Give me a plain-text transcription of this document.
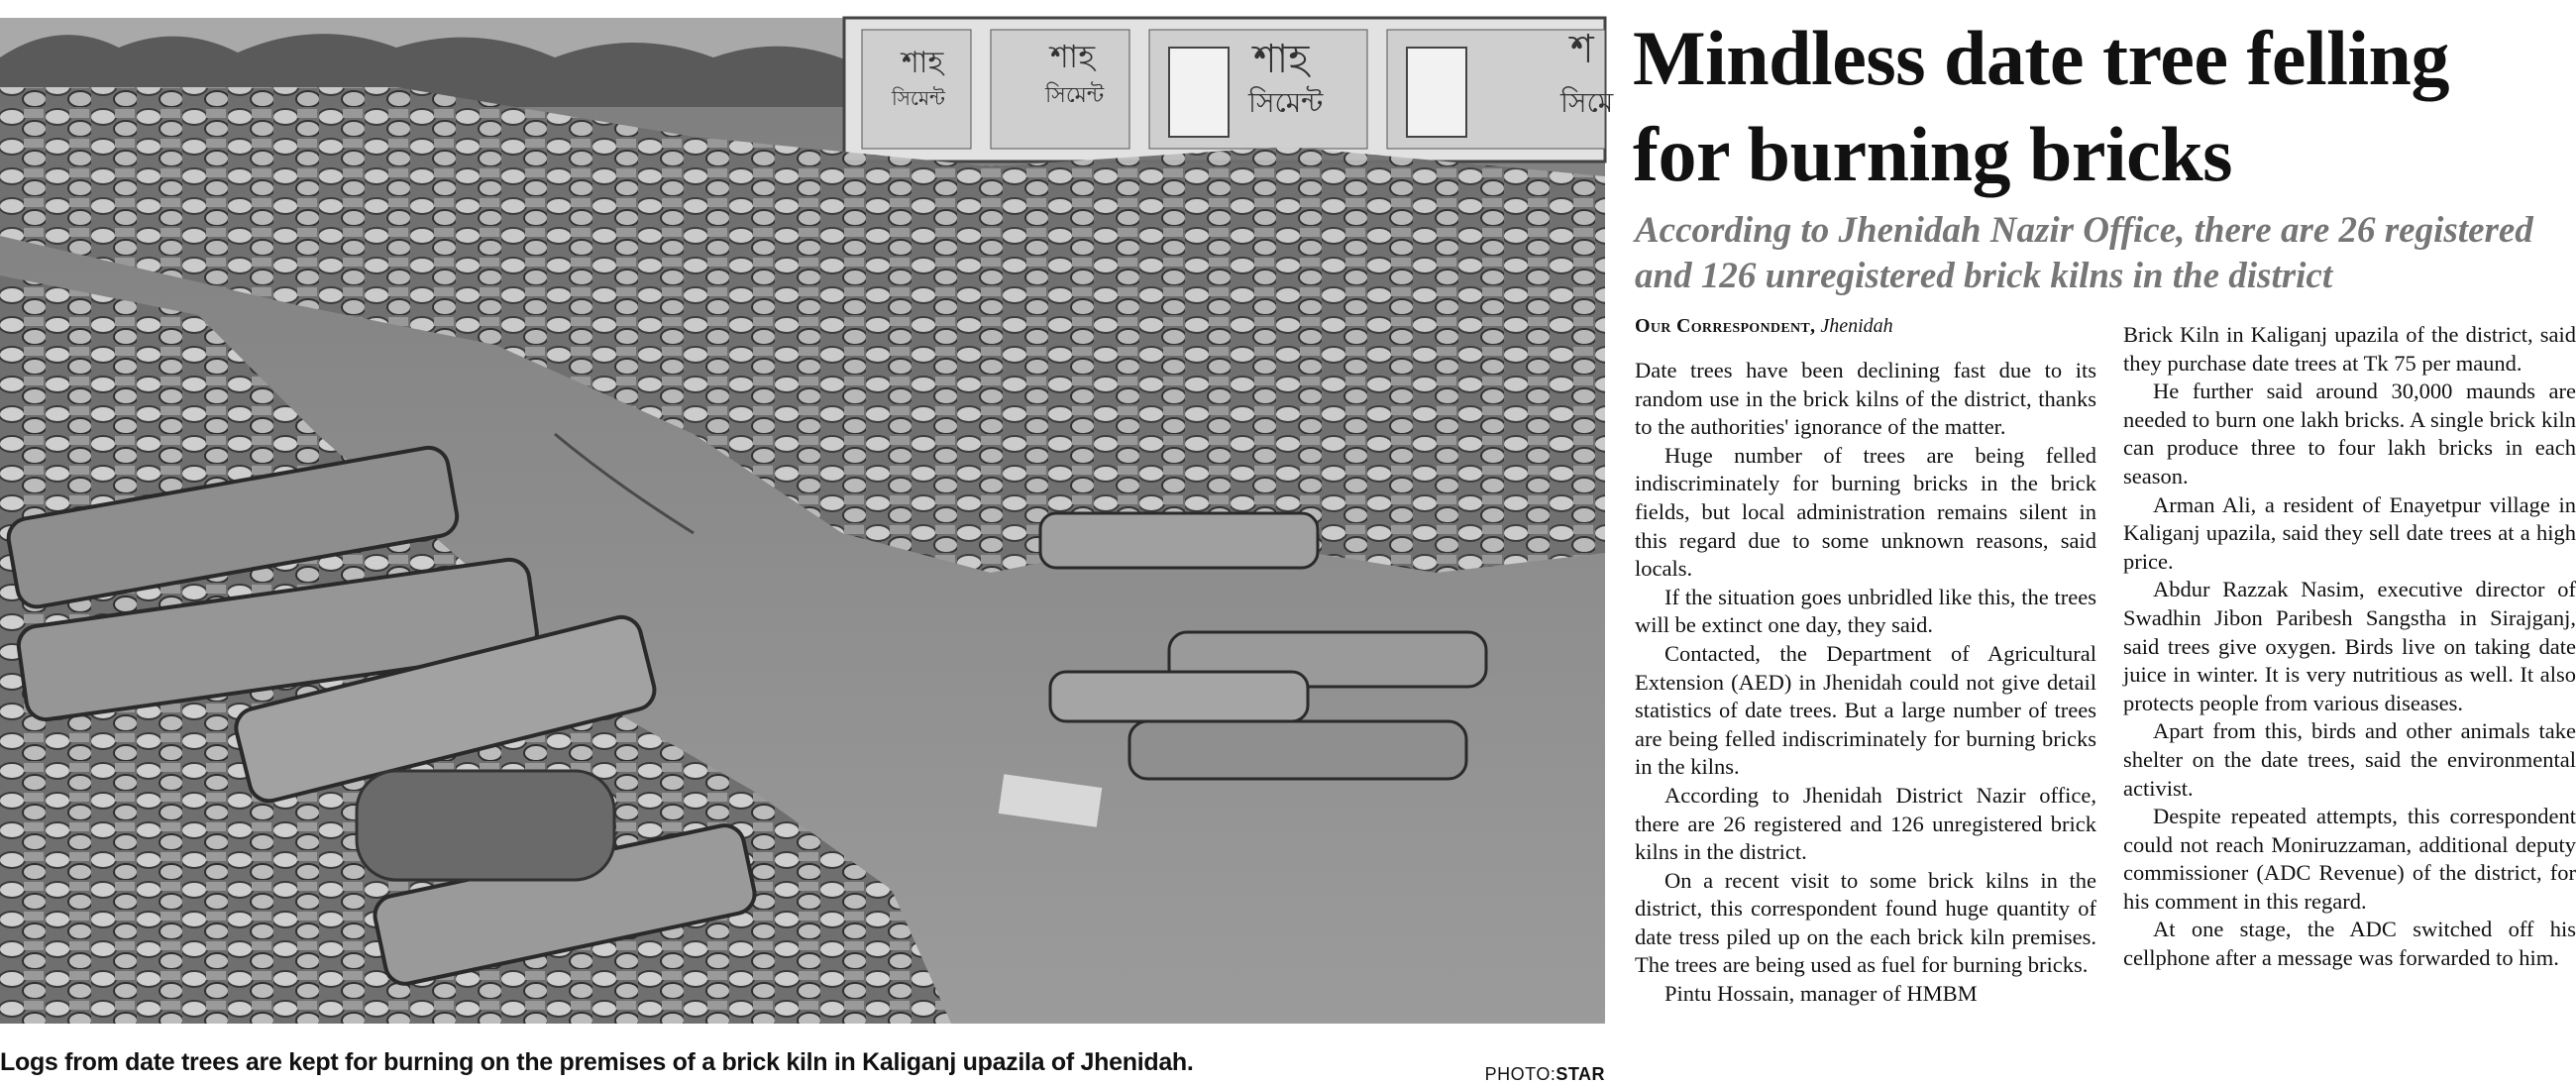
শাহ
সিমেন্ট
শাহ
সিমেন্ট
শাহ
সিমেন্ট
শ
সিমে
Logs from date trees are kept for burning on the premises of a brick kiln in Kaliganj upazila of Jhenidah.	PHOTO:STAR
Mindless date tree felling
for burning bricks
According to Jhenidah Nazir Office, there are 26 registered
and 126 unregistered brick kilns in the district
Our Correspondent, Jhenidah

Date trees have been declining fast due to its random use in the brick kilns of the district, thanks to the authorities' ignorance of the matter.

Huge number of trees are being felled indiscriminately for burning bricks in the brick fields, but local administration remains silent in this regard due to some unknown reasons, said locals.

If the situation goes unbridled like this, the trees will be extinct one day, they said.

Contacted, the Department of Agricultural Extension (AED) in Jhenidah could not give detail statistics of date trees. But a large number of trees are being felled indiscriminately for burning bricks in the kilns.

According to Jhenidah District Nazir office, there are 26 registered and 126 unregistered brick kilns in the district.

On a recent visit to some brick kilns in the district, this correspondent found huge quantity of date tress piled up on the each brick kiln premises. The trees are being used as fuel for burning bricks.

Pintu Hossain, manager of HMBM

Brick Kiln in Kaliganj upazila of the district, said they purchase date trees at Tk 75 per maund.

He further said around 30,000 maunds are needed to burn one lakh bricks. A single brick kiln can produce three to four lakh bricks in each season.

Arman Ali, a resident of Enayetpur village in Kaliganj upazila, said they sell date trees at a high price.

Abdur Razzak Nasim, executive director of Swadhin Jibon Paribesh Sangstha in Sirajganj, said trees give oxygen. Birds live on taking date juice in winter. It is very nutritious as well. It also protects people from various diseases.

Apart from this, birds and other animals take shelter on the date trees, said the environmental activist.

Despite repeated attempts, this correspondent could not reach Moniruzzaman, additional deputy commissioner (ADC Revenue) of the district, for his comment in this regard.

At one stage, the ADC switched off his cellphone after a message was forwarded to him.
